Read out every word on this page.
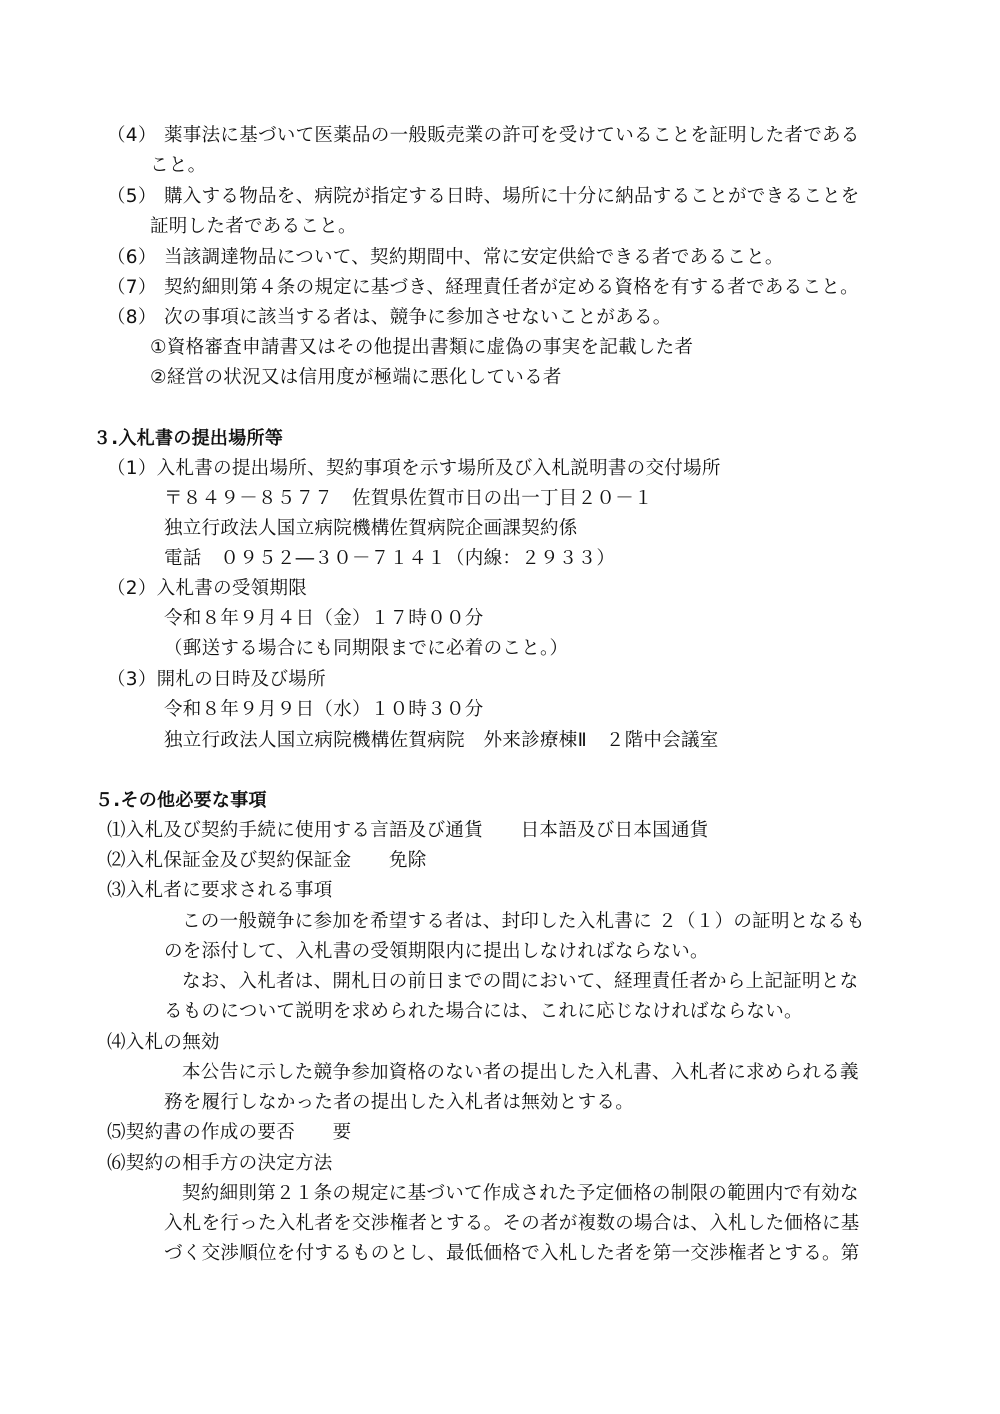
（4） 薬事法に基づいて医薬品の一般販売業の許可を受けていることを証明した者である
こと。
（5） 購入する物品を、病院が指定する日時、場所に十分に納品することができることを
証明した者であること。
（6） 当該調達物品について、契約期間中、常に安定供給できる者であること。
（7） 契約細則第４条の規定に基づき、経理責任者が定める資格を有する者であること。
（8） 次の事項に該当する者は、競争に参加させないことがある。
①資格審査申請書又はその他提出書類に虚偽の事実を記載した者
②経営の状況又は信用度が極端に悪化している者
３.入札書の提出場所等
（1）入札書の提出場所、契約事項を示す場所及び入札説明書の交付場所
〒８４９－８５７７　佐賀県佐賀市日の出一丁目２０－１
独立行政法人国立病院機構佐賀病院企画課契約係
電話　０９５２―３０－７１４１（内線：２９３３）
（2）入札書の受領期限
令和８年９月４日（金）１７時００分
（郵送する場合にも同期限までに必着のこと。）
（3）開札の日時及び場所
令和８年９月９日（水）１０時３０分
独立行政法人国立病院機構佐賀病院　外来診療棟Ⅱ　２階中会議室
５.その他必要な事項
⑴入札及び契約手続に使用する言語及び通貨　　日本語及び日本国通貨
⑵入札保証金及び契約保証金　　免除
⑶入札者に要求される事項
この一般競争に参加を希望する者は、封印した入札書に ２（１）の証明となるも
のを添付して、入札書の受領期限内に提出しなければならない。
なお、入札者は、開札日の前日までの間において、経理責任者から上記証明とな
るものについて説明を求められた場合には、これに応じなければならない。
⑷入札の無効
本公告に示した競争参加資格のない者の提出した入札書、入札者に求められる義
務を履行しなかった者の提出した入札者は無効とする。
⑸契約書の作成の要否　　要
⑹契約の相手方の決定方法
契約細則第２１条の規定に基づいて作成された予定価格の制限の範囲内で有効な
入札を行った入札者を交渉権者とする。その者が複数の場合は、入札した価格に基
づく交渉順位を付するものとし、最低価格で入札した者を第一交渉権者とする。第
